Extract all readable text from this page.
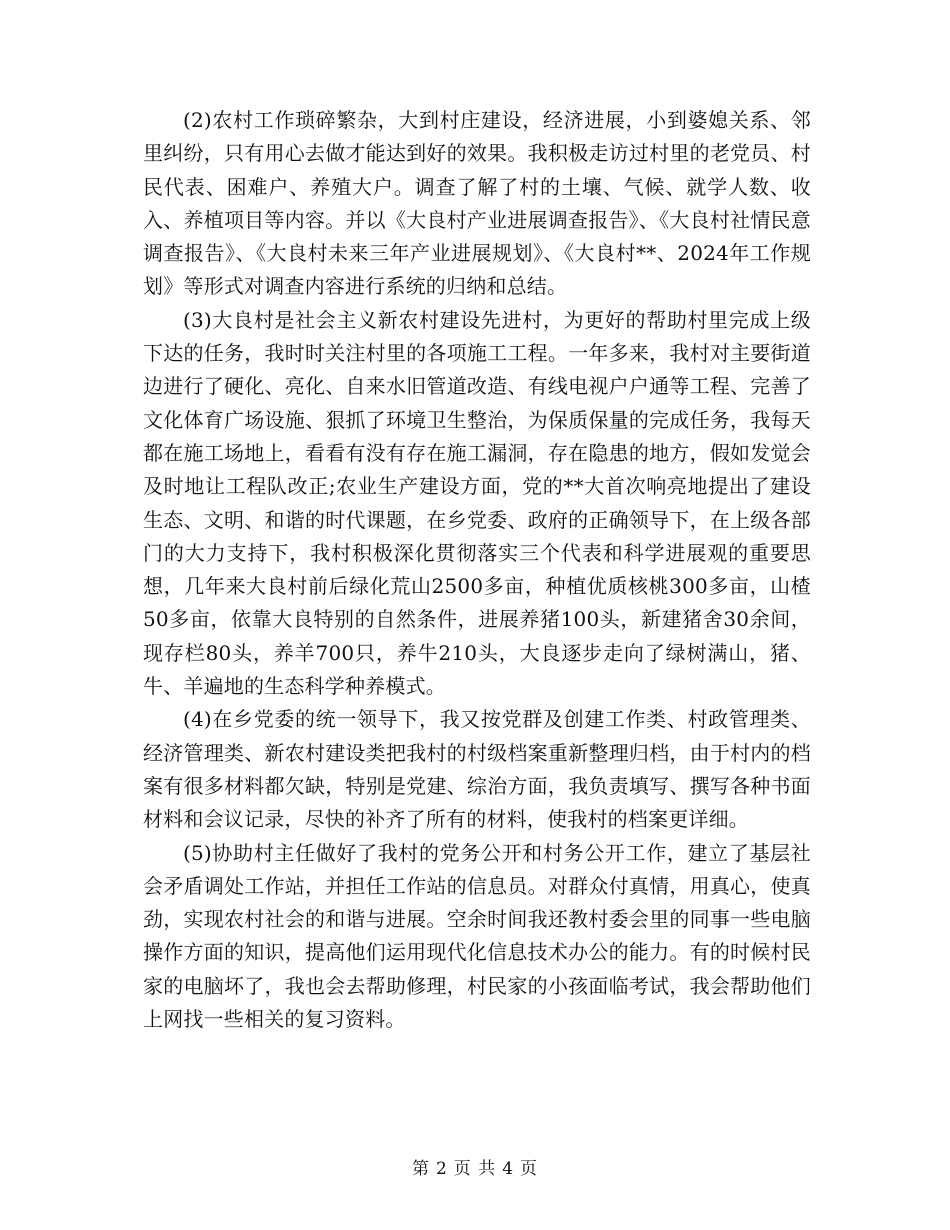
(2)农村工作琐碎繁杂，大到村庄建设，经济进展，小到婆媳关系、邻里纠纷，只有用心去做才能达到好的效果。我积极走访过村里的老党员、村民代表、困难户、养殖大户。调查了解了村的土壤、气候、就学人数、收入、养植项目等内容。并以《大良村产业进展调查报告》、《大良村社情民意调查报告》、《大良村未来三年产业进展规划》、《大良村**、2024年工作规划》等形式对调查内容进行系统的归纳和总结。

(3)大良村是社会主义新农村建设先进村，为更好的帮助村里完成上级下达的任务，我时时关注村里的各项施工工程。一年多来，我村对主要街道边进行了硬化、亮化、自来水旧管道改造、有线电视户户通等工程、完善了文化体育广场设施、狠抓了环境卫生整治，为保质保量的完成任务，我每天都在施工场地上，看看有没有存在施工漏洞，存在隐患的地方，假如发觉会及时地让工程队改正;农业生产建设方面，党的**大首次响亮地提出了建设生态、文明、和谐的时代课题，在乡党委、政府的正确领导下，在上级各部门的大力支持下，我村积极深化贯彻落实三个代表和科学进展观的重要思想，几年来大良村前后绿化荒山2500多亩，种植优质核桃300多亩，山楂50多亩，依靠大良特别的自然条件，进展养猪100头，新建猪舍30余间，现存栏80头，养羊700只，养牛210头，大良逐步走向了绿树满山，猪、牛、羊遍地的生态科学种养模式。

(4)在乡党委的统一领导下，我又按党群及创建工作类、村政管理类、经济管理类、新农村建设类把我村的村级档案重新整理归档，由于村内的档案有很多材料都欠缺，特别是党建、综治方面，我负责填写、撰写各种书面材料和会议记录，尽快的补齐了所有的材料，使我村的档案更详细。

(5)协助村主任做好了我村的党务公开和村务公开工作，建立了基层社会矛盾调处工作站，并担任工作站的信息员。对群众付真情，用真心，使真劲，实现农村社会的和谐与进展。空余时间我还教村委会里的同事一些电脑操作方面的知识，提高他们运用现代化信息技术办公的能力。有的时候村民家的电脑坏了，我也会去帮助修理，村民家的小孩面临考试，我会帮助他们上网找一些相关的复习资料。

第 2 页 共 4 页
